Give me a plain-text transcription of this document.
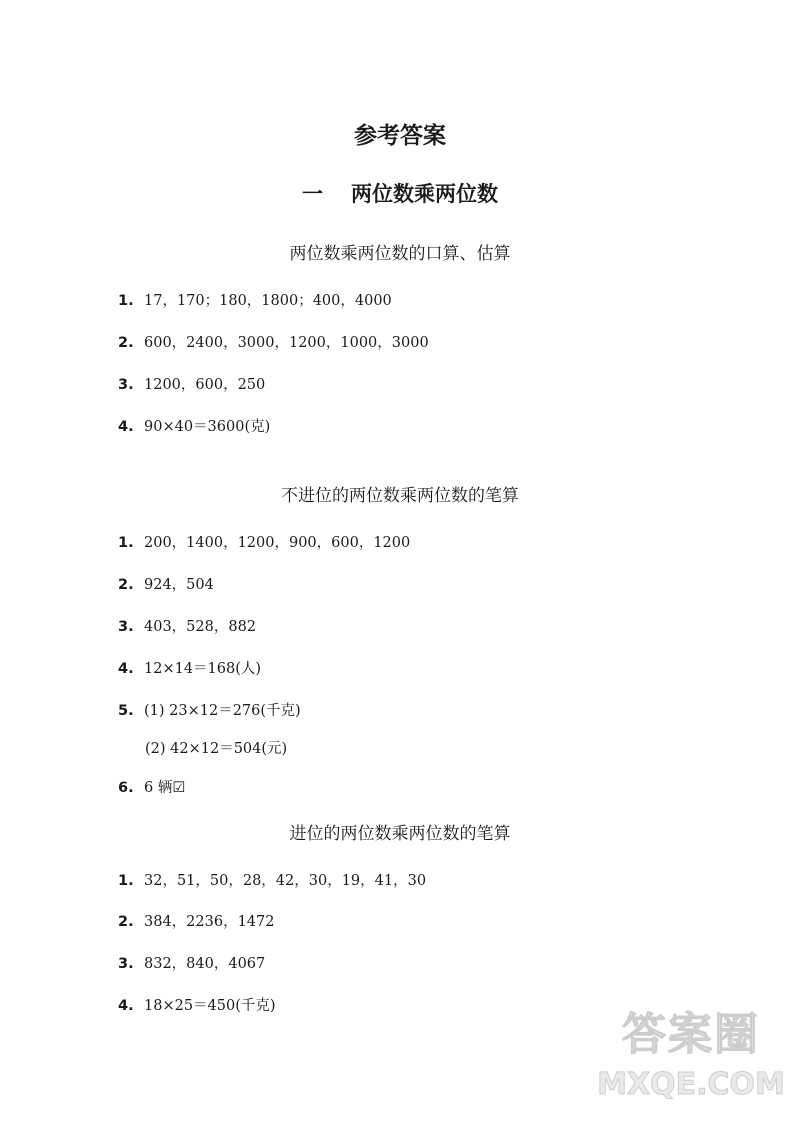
参考答案
一 两位数乘两位数
两位数乘两位数的口算、估算
1. 17，170；180，1800；400，4000
2. 600，2400，3000，1200，1000，3000
3. 1200，600，250
4. 90×40＝3600(克)
不进位的两位数乘两位数的笔算
1. 200，1400，1200，900，600，1200
2. 924，504
3. 403，528，882
4. 12×14＝168(人)
5. (1) 23×12＝276(千克)
(2) 42×12＝504(元)
6. 6 辆☑
进位的两位数乘两位数的笔算
1. 32，51，50，28，42，30，19，41，30
2. 384，2236，1472
3. 832，840，4067
4. 18×25＝450(千克)
答案圈
MXQE.COM
